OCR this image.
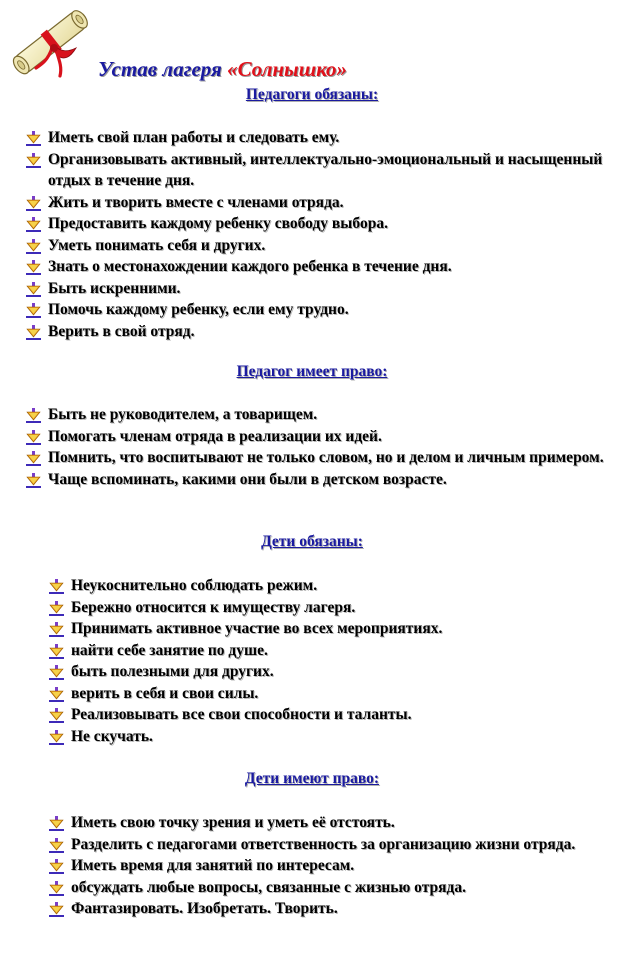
Устав лагеря «Солнышко»
Педагоги обязаны:
Иметь свой план работы и следовать ему.
Организовывать активный, интеллектуально-эмоциональный и насыщенный отдых в течение дня.
Жить и творить вместе с членами отряда.
Предоставить каждому ребенку свободу выбора.
Уметь понимать себя и других.
Знать о местонахождении каждого ребенка в течение дня.
Быть искренними.
Помочь каждому ребенку, если ему трудно.
Верить в свой отряд.
Педагог имеет право:
Быть не руководителем, а товарищем.
Помогать членам отряда в реализации их идей.
Помнить, что воспитывают не только словом, но и делом и личным примером.
Чаще вспоминать, какими они были в детском возрасте.
Дети обязаны:
Неукоснительно соблюдать режим.
Бережно относится к имуществу лагеря.
Принимать активное участие во всех мероприятиях.
найти себе занятие по душе.
быть полезными для других.
верить в себя и свои силы.
Реализовывать все свои способности и таланты.
Не скучать.
Дети имеют право:
Иметь свою точку зрения и уметь её отстоять.
Разделить с педагогами ответственность за организацию жизни отряда.
Иметь время для занятий по интересам.
обсуждать любые вопросы, связанные с жизнью отряда.
Фантазировать. Изобретать. Творить.
